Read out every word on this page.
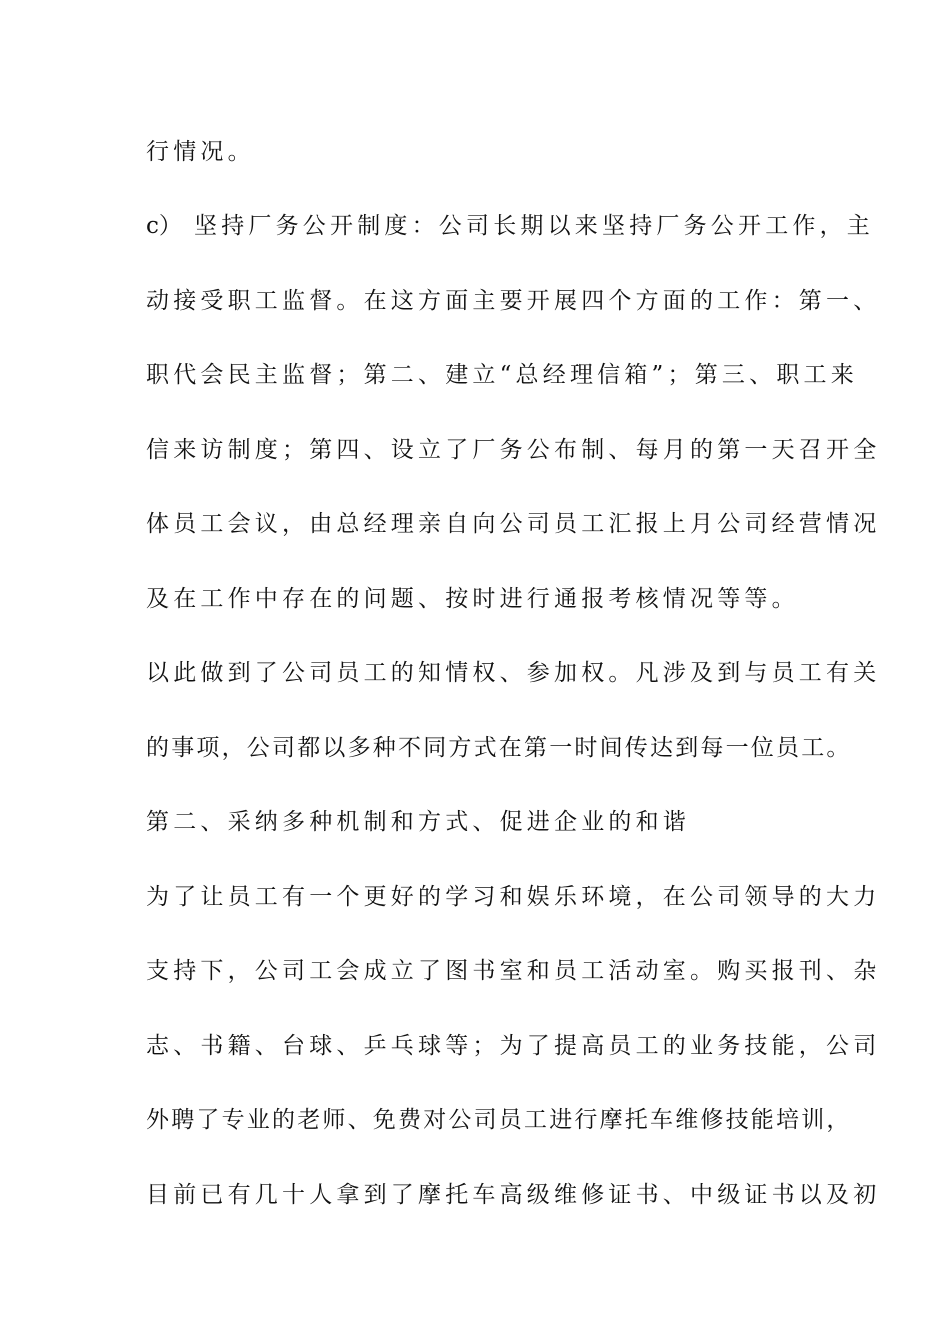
行情况。
c） 坚持厂务公开制度：公司长期以来坚持厂务公开工作，主
动接受职工监督。在这方面主要开展四个方面的工作：第一、
职代会民主监督；第二、建立“总经理信箱”；第三、职工来
信来访制度；第四、设立了厂务公布制、每月的第一天召开全
体员工会议，由总经理亲自向公司员工汇报上月公司经营情况
及在工作中存在的问题、按时进行通报考核情况等等。
以此做到了公司员工的知情权、参加权。凡涉及到与员工有关
的事项，公司都以多种不同方式在第一时间传达到每一位员工。
第二、采纳多种机制和方式、促进企业的和谐
为了让员工有一个更好的学习和娱乐环境，在公司领导的大力
支持下，公司工会成立了图书室和员工活动室。购买报刊、杂
志、书籍、台球、乒乓球等；为了提高员工的业务技能，公司
外聘了专业的老师、免费对公司员工进行摩托车维修技能培训，
目前已有几十人拿到了摩托车高级维修证书、中级证书以及初
